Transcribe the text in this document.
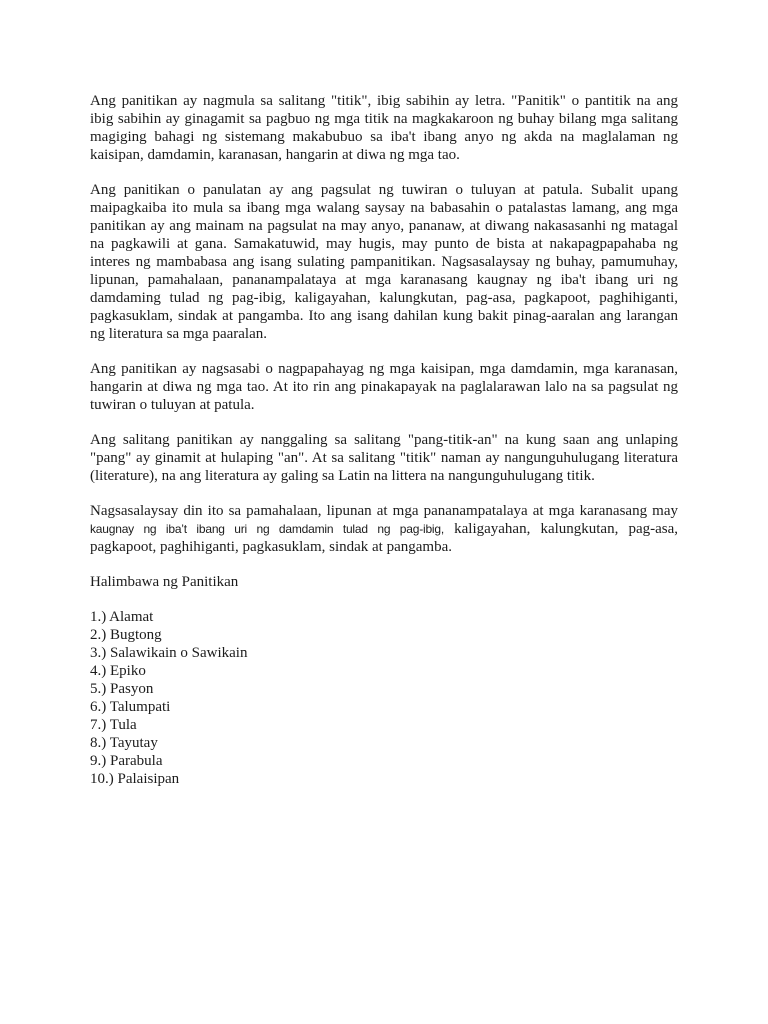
Ang panitikan ay nagmula sa salitang "titik", ibig sabihin ay letra. "Panitik" o pantitik na ang
ibig sabihin ay ginagamit sa pagbuo ng mga titik na magkakaroon ng buhay bilang mga salitang
magiging bahagi ng sistemang makabubuo sa iba't ibang anyo ng akda na maglalaman ng
kaisipan, damdamin, karanasan, hangarin at diwa ng mga tao.
Ang panitikan o panulatan ay ang pagsulat ng tuwiran o tuluyan at patula. Subalit upang
maipagkaiba ito mula sa ibang mga walang saysay na babasahin o patalastas lamang, ang mga
panitikan ay ang mainam na pagsulat na may anyo, pananaw, at diwang nakasasanhi ng matagal
na pagkawili at gana. Samakatuwid, may hugis, may punto de bista at nakapagpapahaba ng
interes ng mambabasa ang isang sulating pampanitikan. Nagsasalaysay ng buhay, pamumuhay,
lipunan, pamahalaan, pananampalataya at mga karanasang kaugnay ng iba't ibang uri ng
damdaming tulad ng pag-ibig, kaligayahan, kalungkutan, pag-asa, pagkapoot, paghihiganti,
pagkasuklam, sindak at pangamba. Ito ang isang dahilan kung bakit pinag-aaralan ang larangan
ng literatura sa mga paaralan.
Ang panitikan ay nagsasabi o nagpapahayag ng mga kaisipan, mga damdamin, mga karanasan,
hangarin at diwa ng mga tao. At ito rin ang pinakapayak na paglalarawan lalo na sa pagsulat ng
tuwiran o tuluyan at patula.
Ang salitang panitikan ay nanggaling sa salitang "pang-titik-an" na kung saan ang unlaping
"pang" ay ginamit at hulaping "an". At sa salitang "titik" naman ay nangunguhulugang literatura
(literature), na ang literatura ay galing sa Latin na littera na nangunguhulugang titik.
Nagsasalaysay din ito sa pamahalaan, lipunan at mga pananampatalaya at mga karanasang may
kaugnay ng iba’t ibang uri ng damdamin tulad ng pag-ibig, kaligayahan, kalungkutan, pag-asa,
pagkapoot, paghihiganti, pagkasuklam, sindak at pangamba.
Halimbawa ng Panitikan
1.) Alamat
2.) Bugtong
3.) Salawikain o Sawikain
4.) Epiko
5.) Pasyon
6.) Talumpati
7.) Tula
8.) Tayutay
9.) Parabula
10.) Palaisipan
